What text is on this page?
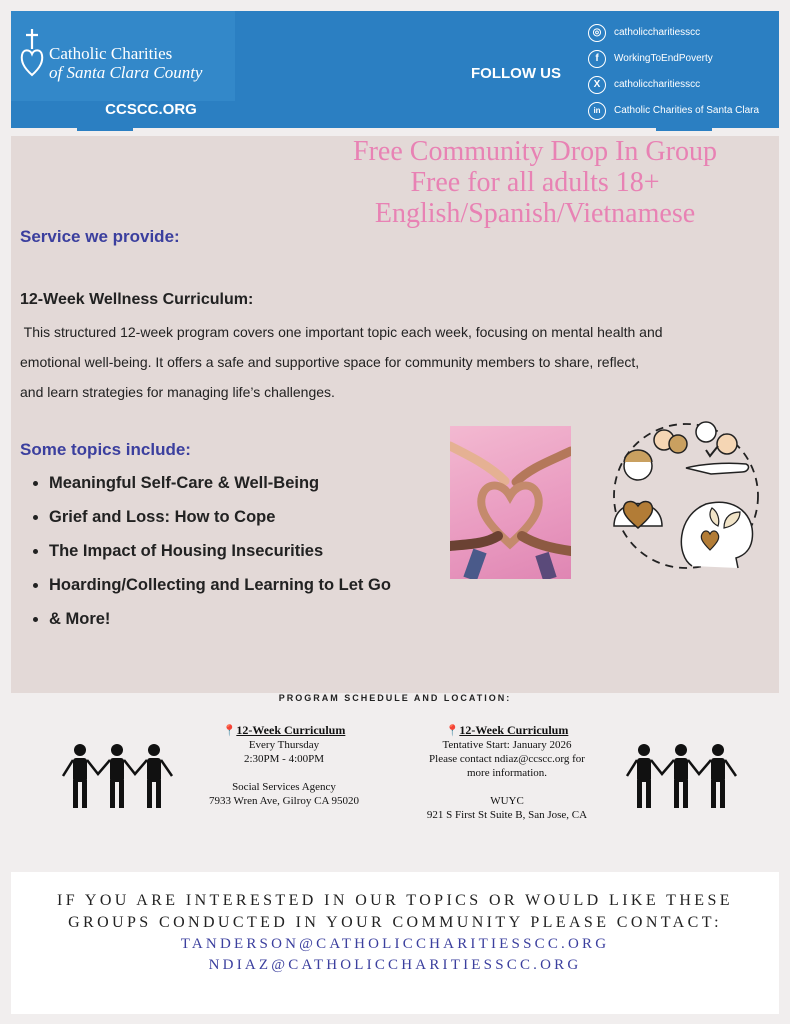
Catholic Charities
of Santa Clara County
CCSCC.ORG
FOLLOW US
◎	catholiccharitiesscc
f	WorkingToEndPoverty
X	catholiccharitiesscc
in	Catholic Charities of Santa Clara
Free Community Drop In Group
Free for all adults 18+
English/Spanish/Vietnamese
Service we provide:
12-Week Wellness Curriculum:
This structured 12-week program covers one important topic each week, focusing on mental health and
emotional well-being. It offers a safe and supportive space for community members to share, reflect,
and learn strategies for managing life’s challenges.
Some topics include:
• Meaningful Self-Care & Well-Being
• Grief and Loss: How to Cope
• The Impact of Housing Insecurities
• Hoarding/Collecting and Learning to Let Go
• & More!
PROGRAM SCHEDULE AND LOCATION:
📍12-Week Curriculum
Every Thursday
2:30PM - 4:00PM
Social Services Agency
7933 Wren Ave, Gilroy CA 95020
📍12-Week Curriculum
Tentative Start: January 2026
Please contact ndiaz@ccscc.org for
more information.
WUYC
921 S First St Suite B, San Jose, CA
IF YOU ARE INTERESTED IN OUR TOPICS OR WOULD LIKE THESE
GROUPS CONDUCTED IN YOUR COMMUNITY PLEASE CONTACT:
TANDERSON@CATHOLICCHARITIESSCC.ORG
NDIAZ@CATHOLICCHARITIESSCC.ORG
